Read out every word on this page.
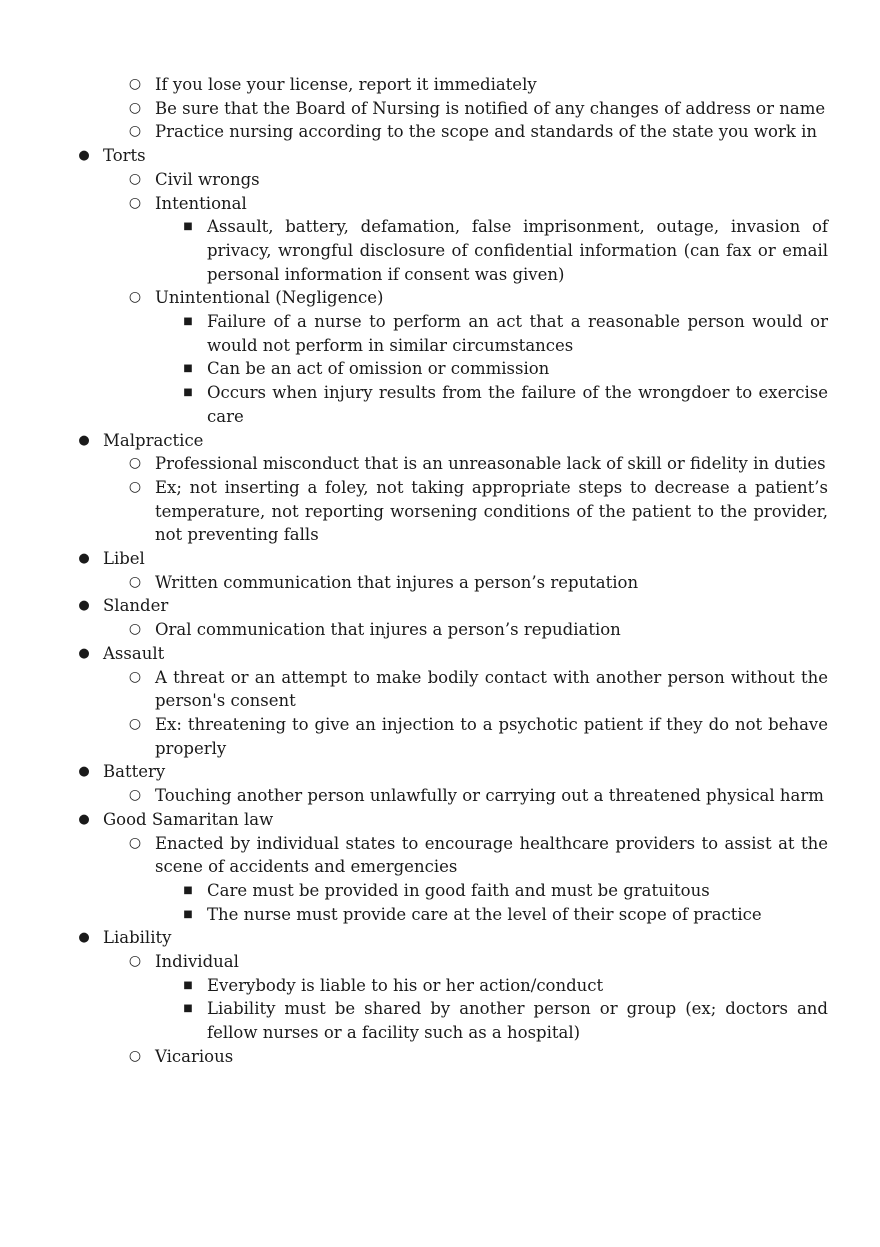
○ If you lose your license, report it immediately
○ Be sure that the Board of Nursing is notified of any changes of address or name
○ Practice nursing according to the scope and standards of the state you work in
● Torts
○ Civil wrongs
○ Intentional
■ Assault, battery, defamation, false imprisonment, outage, invasion of privacy, wrongful disclosure of confidential information (can fax or email personal information if consent was given)
○ Unintentional (Negligence)
■ Failure of a nurse to perform an act that a reasonable person would or would not perform in similar circumstances
■ Can be an act of omission or commission
■ Occurs when injury results from the failure of the wrongdoer to exercise care
● Malpractice
○ Professional misconduct that is an unreasonable lack of skill or fidelity in duties
○ Ex; not inserting a foley, not taking appropriate steps to decrease a patient’s temperature, not reporting worsening conditions of the patient to the provider, not preventing falls
● Libel
○ Written communication that injures a person’s reputation
● Slander
○ Oral communication that injures a person’s repudiation
● Assault
○ A threat or an attempt to make bodily contact with another person without the person's consent
○ Ex: threatening to give an injection to a psychotic patient if they do not behave properly
● Battery
○ Touching another person unlawfully or carrying out a threatened physical harm
● Good Samaritan law
○ Enacted by individual states to encourage healthcare providers to assist at the scene of accidents and emergencies
■ Care must be provided in good faith and must be gratuitous
■ The nurse must provide care at the level of their scope of practice
● Liability
○ Individual
■ Everybody is liable to his or her action/conduct
■ Liability must be shared by another person or group (ex; doctors and fellow nurses or a facility such as a hospital)
○ Vicarious
